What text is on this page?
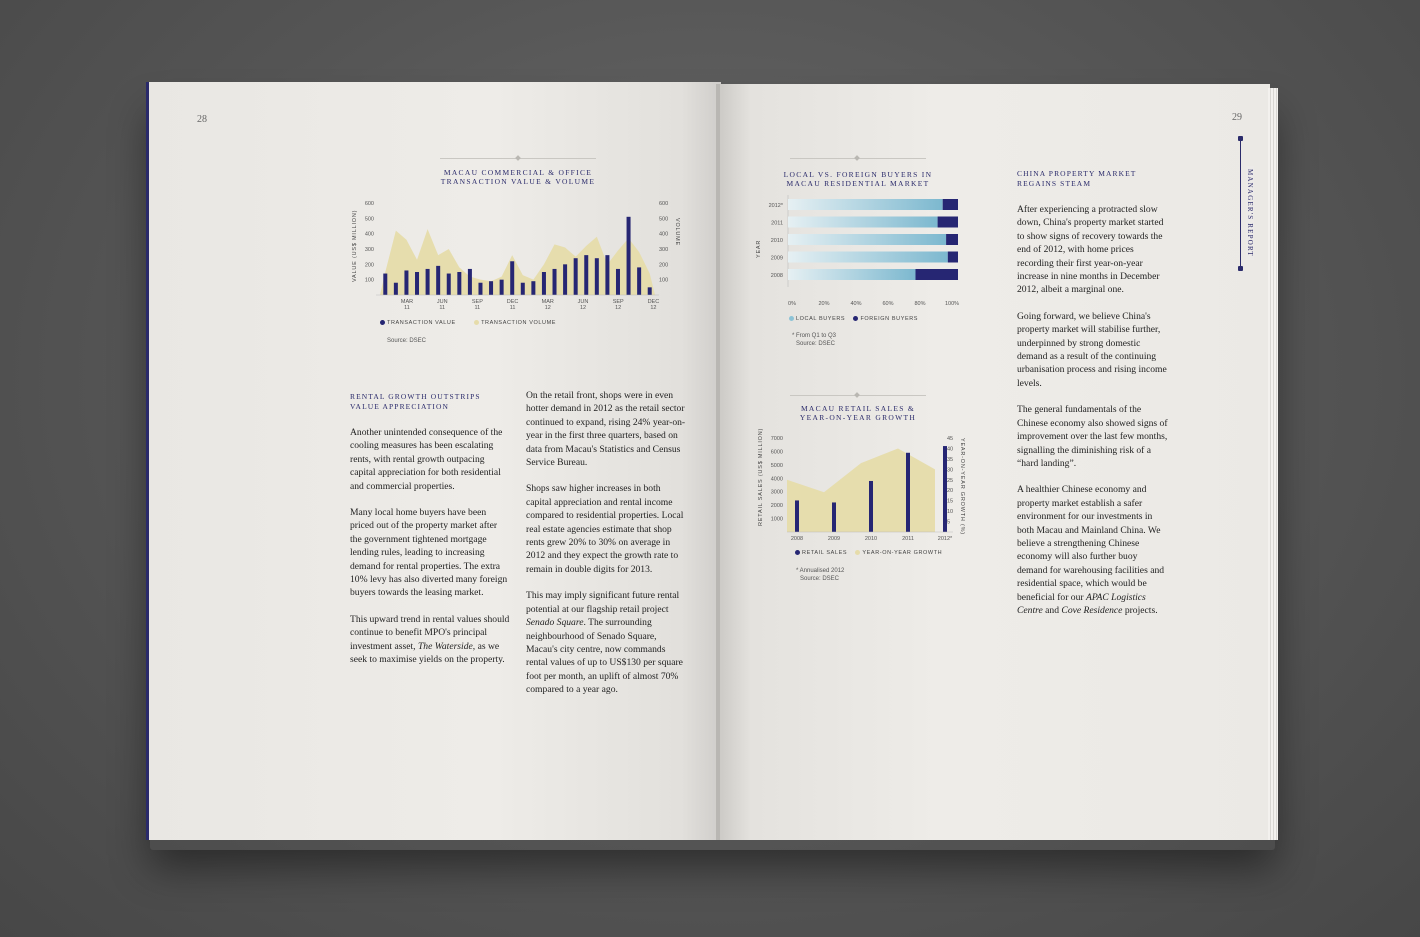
28	29
MANAGER'S REPORT
MACAU COMMERCIAL & OFFICE
TRANSACTION VALUE & VOLUME
VALUE (US$ MILLION)	VOLUME
100	100
200	200
300	300
400	400
500	500
600	600
MAR
11
JUN
11
SEP
11
DEC
11
MAR
12
JUN
12
SEP
12
DEC
12
TRANSACTION VALUE	TRANSACTION VOLUME
Source: DSEC
RENTAL GROWTH OUTSTRIPS
VALUE APPRECIATION

Another unintended consequence of the cooling measures has been escalating rents, with rental growth outpacing capital appreciation for both residential and commercial properties.

Many local home buyers have been priced out of the property market after the government tightened mortgage lending rules, leading to increasing demand for rental properties. The extra 10% levy has also diverted many foreign buyers towards the leasing market.

This upward trend in rental values should continue to benefit MPO's principal investment asset, The Waterside, as we seek to maximise yields on the property.

On the retail front, shops were in even hotter demand in 2012 as the retail sector continued to expand, rising 24% year-on-year in the first three quarters, based on data from Macau's Statistics and Census Service Bureau.

Shops saw higher increases in both capital appreciation and rental income compared to residential properties. Local real estate agencies estimate that shop rents grew 20% to 30% on average in 2012 and they expect the growth rate to remain in double digits for 2013.

This may imply significant future rental potential at our flagship retail project Senado Square. The surrounding neighbourhood of Senado Square, Macau's city centre, now commands rental values of up to US$130 per square foot per month, an uplift of almost 70% compared to a year ago.

LOCAL VS. FOREIGN BUYERS IN
MACAU RESIDENTIAL MARKET
YEAR
2012*
2011
2010
2009
2008
0%	20%	40%	60%	80%	100%
LOCAL BUYERS	FOREIGN BUYERS
* From Q1 to Q3
Source: DSEC
MACAU RETAIL SALES &
YEAR-ON-YEAR GROWTH
RETAIL SALES (US$ MILLION)	YEAR-ON-YEAR GROWTH (%)
2008	2009	2010	2011	2012*
1000
2000
3000
4000
5000
6000
7000
5
10
15
20
25
30
35
40
45
RETAIL SALES	YEAR-ON-YEAR GROWTH
* Annualised 2012
Source: DSEC
CHINA PROPERTY MARKET
REGAINS STEAM

After experiencing a protracted slow down, China's property market started to show signs of recovery towards the end of 2012, with home prices recording their first year-on-year increase in nine months in December 2012, albeit a marginal one.

Going forward, we believe China's property market will stabilise further, underpinned by strong domestic demand as a result of the continuing urbanisation process and rising income levels.

The general fundamentals of the Chinese economy also showed signs of improvement over the last few months, signalling the diminishing risk of a “hard landing”.

A healthier Chinese economy and property market establish a safer environment for our investments in both Macau and Mainland China. We believe a strengthening Chinese economy will also further buoy demand for warehousing facilities and residential space, which would be beneficial for our APAC Logistics Centre and Cove Residence projects.
